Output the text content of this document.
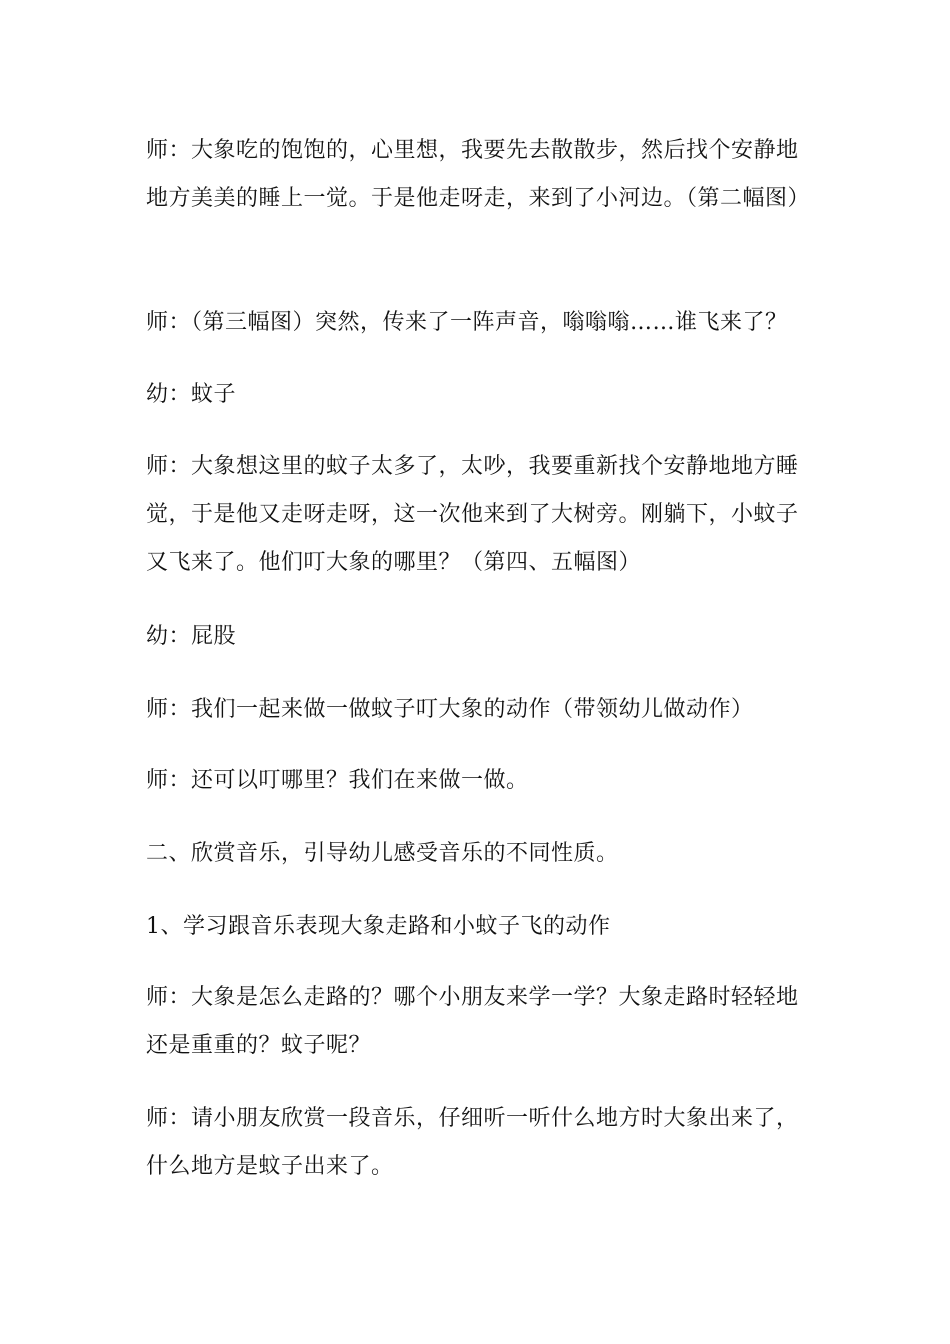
师：大象吃的饱饱的，心里想，我要先去散散步，然后找个安静地地方美美的睡上一觉。于是他走呀走，来到了小河边。（第二幅图）

师：（第三幅图）突然，传来了一阵声音，嗡嗡嗡……谁飞来了？

幼：蚊子

师：大象想这里的蚊子太多了，太吵，我要重新找个安静地地方睡觉，于是他又走呀走呀，这一次他来到了大树旁。刚躺下，小蚊子又飞来了。他们叮大象的哪里？（第四、五幅图）

幼：屁股

师：我们一起来做一做蚊子叮大象的动作（带领幼儿做动作）

师：还可以叮哪里？我们在来做一做。

二、欣赏音乐，引导幼儿感受音乐的不同性质。

1、学习跟音乐表现大象走路和小蚊子飞的动作

师：大象是怎么走路的？哪个小朋友来学一学？大象走路时轻轻地还是重重的？蚊子呢？

师：请小朋友欣赏一段音乐，仔细听一听什么地方时大象出来了，什么地方是蚊子出来了。
